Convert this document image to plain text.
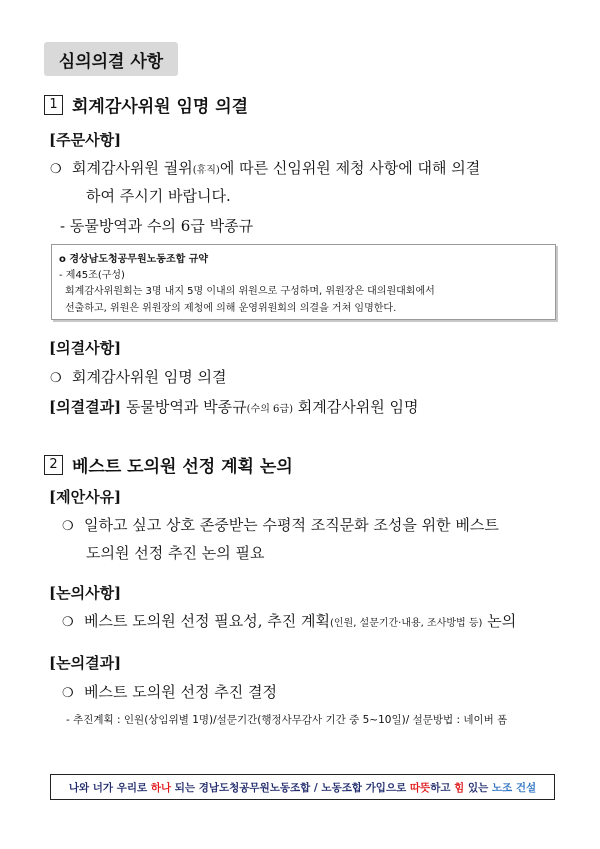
심의의결 사항
1 회계감사위원 임명 의결
[주문사항]
❍ 회계감사위원 궐위(휴직)에 따른 신임위원 제청 사항에 대해 의결
하여 주시기 바랍니다.
- 동물방역과 수의 6급 박종규
o 경상남도청공무원노동조합 규약
- 제45조(구성)
회계감사위원회는 3명 내지 5명 이내의 위원으로 구성하며, 위원장은 대의원대회에서
선출하고, 위원은 위원장의 제청에 의해 운영위원회의 의결을 거쳐 임명한다.
[의결사항]
❍ 회계감사위원 임명 의결
[의결결과] 동물방역과 박종규(수의 6급) 회계감사위원 임명
2 베스트 도의원 선정 계획 논의
[제안사유]
❍ 일하고 싶고 상호 존중받는 수평적 조직문화 조성을 위한 베스트
도의원 선정 추진 논의 필요
[논의사항]
❍ 베스트 도의원 선정 필요성, 추진 계획(인원, 설문기간·내용, 조사방법 등) 논의
[논의결과]
❍ 베스트 도의원 선정 추진 결정
- 추진계획 : 인원(상임위별 1명)/설문기간(행정사무감사 기간 중 5~10일)/ 설문방법 : 네이버 폼
나와 너가 우리로 하나 되는 경남도청공무원노동조합 / 노동조합 가입으로 따뜻 하고 힘 있는 노조 건설
